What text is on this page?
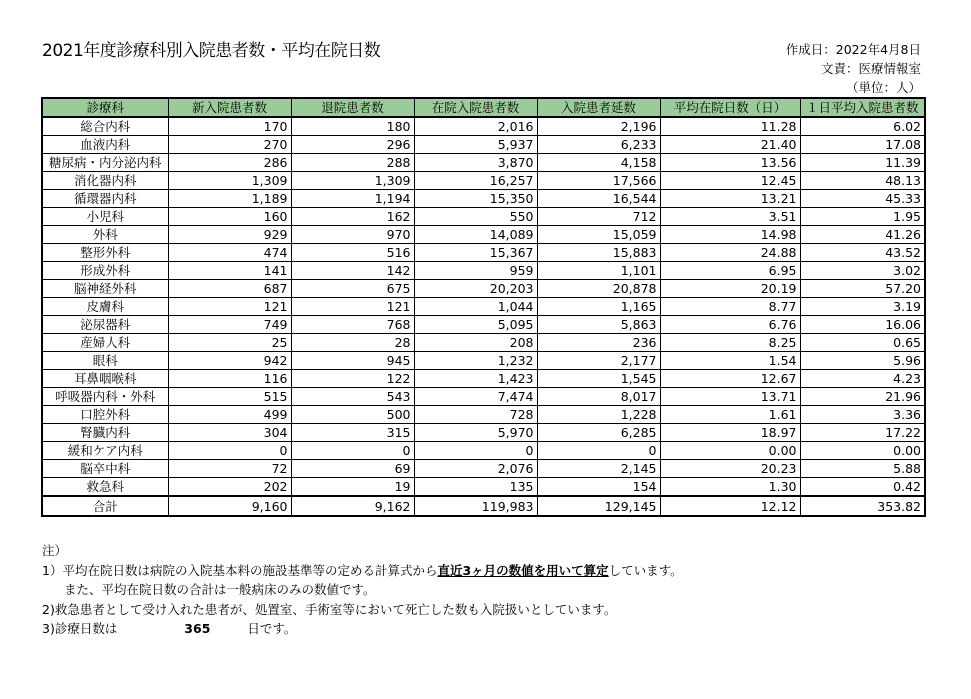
2021年度診療科別入院患者数・平均在院日数	作成日：2022年4月8日
文責：医療情報室
（単位：人）
診療科	新入院患者数	退院患者数	在院入院患者数	入院患者延数	平均在院日数（日）	１日平均入院患者数
総合内科	170	180	2,016	2,196	11.28	6.02
血液内科	270	296	5,937	6,233	21.40	17.08
糖尿病・内分泌内科	286	288	3,870	4,158	13.56	11.39
消化器内科	1,309	1,309	16,257	17,566	12.45	48.13
循環器内科	1,189	1,194	15,350	16,544	13.21	45.33
小児科	160	162	550	712	3.51	1.95
外科	929	970	14,089	15,059	14.98	41.26
整形外科	474	516	15,367	15,883	24.88	43.52
形成外科	141	142	959	1,101	6.95	3.02
脳神経外科	687	675	20,203	20,878	20.19	57.20
皮膚科	121	121	1,044	1,165	8.77	3.19
泌尿器科	749	768	5,095	5,863	6.76	16.06
産婦人科	25	28	208	236	8.25	0.65
眼科	942	945	1,232	2,177	1.54	5.96
耳鼻咽喉科	116	122	1,423	1,545	12.67	4.23
呼吸器内科・外科	515	543	7,474	8,017	13.71	21.96
口腔外科	499	500	728	1,228	1.61	3.36
腎臓内科	304	315	5,970	6,285	18.97	17.22
緩和ケア内科	0	0	0	0	0.00	0.00
脳卒中科	72	69	2,076	2,145	20.23	5.88
救急科	202	19	135	154	1.30	0.42
合計	9,160	9,162	119,983	129,145	12.12	353.82
注）
1）平均在院日数は病院の入院基本料の施設基準等の定める計算式から直近3ヶ月の数値を用いて算定しています。
また、平均在院日数の合計は一般病床のみの数値です。
2)救急患者として受け入れた患者が、処置室、手術室等において死亡した数も入院扱いとしています。
3)診療日数は	365	日です。
